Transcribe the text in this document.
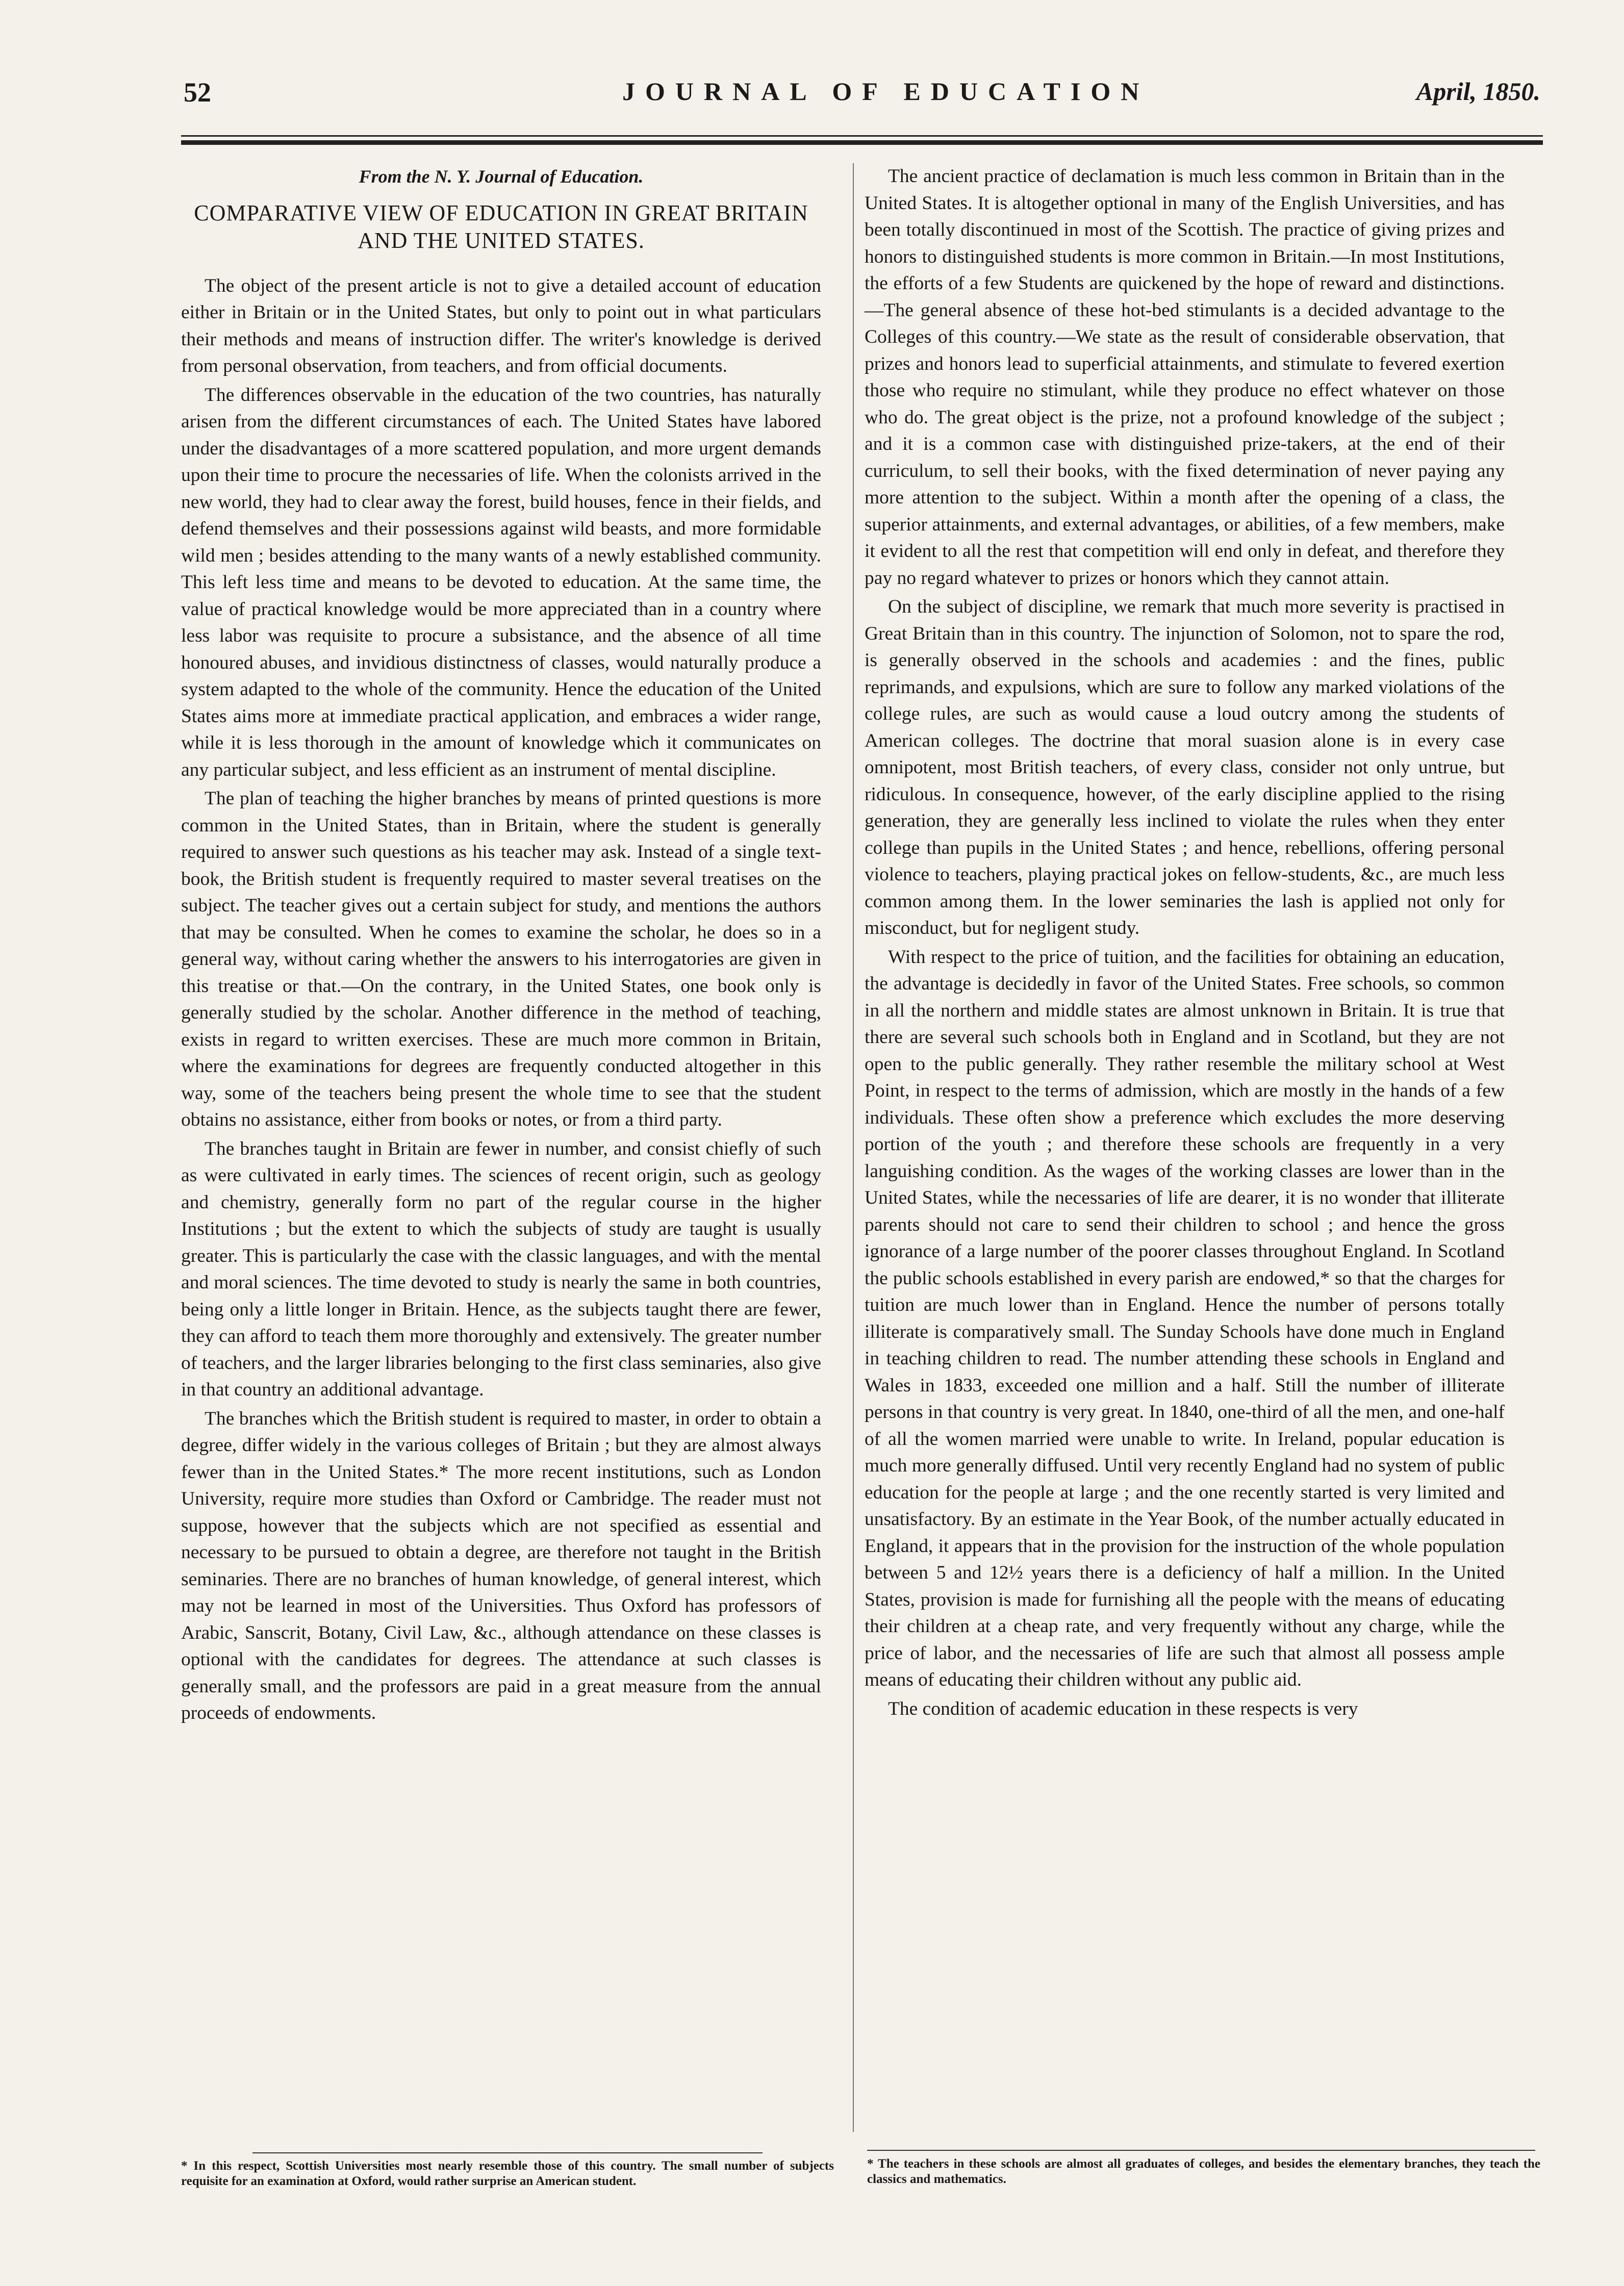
52	JOURNAL OF EDUCATION	April, 1850.

From the N. Y. Journal of Education.

COMPARATIVE VIEW OF EDUCATION IN GREAT BRITAIN AND THE UNITED STATES.

The object of the present article is not to give a detailed account of education either in Britain or in the United States, but only to point out in what particulars their methods and means of instruction differ. The writer's knowledge is derived from personal observation, from teachers, and from official documents.

The differences observable in the education of the two countries, has naturally arisen from the different circumstances of each. The United States have labored under the disadvantages of a more scattered population, and more urgent demands upon their time to procure the necessaries of life. When the colonists arrived in the new world, they had to clear away the forest, build houses, fence in their fields, and defend themselves and their possessions against wild beasts, and more formidable wild men ; besides attending to the many wants of a newly established community. This left less time and means to be devoted to education. At the same time, the value of practical knowledge would be more appreciated than in a country where less labor was requisite to procure a subsistance, and the absence of all time honoured abuses, and invidious distinctness of classes, would naturally produce a system adapted to the whole of the community. Hence the education of the United States aims more at immediate practical application, and embraces a wider range, while it is less thorough in the amount of knowledge which it communicates on any particular subject, and less efficient as an instrument of mental discipline.

The plan of teaching the higher branches by means of printed questions is more common in the United States, than in Britain, where the student is generally required to answer such questions as his teacher may ask. Instead of a single text-book, the British student is frequently required to master several treatises on the subject. The teacher gives out a certain subject for study, and mentions the authors that may be consulted. When he comes to examine the scholar, he does so in a general way, without caring whether the answers to his interrogatories are given in this treatise or that.—On the contrary, in the United States, one book only is generally studied by the scholar. Another difference in the method of teaching, exists in regard to written exercises. These are much more common in Britain, where the examinations for degrees are frequently conducted altogether in this way, some of the teachers being present the whole time to see that the student obtains no assistance, either from books or notes, or from a third party.

The branches taught in Britain are fewer in number, and consist chiefly of such as were cultivated in early times. The sciences of recent origin, such as geology and chemistry, generally form no part of the regular course in the higher Institutions ; but the extent to which the subjects of study are taught is usually greater. This is particularly the case with the classic languages, and with the mental and moral sciences. The time devoted to study is nearly the same in both countries, being only a little longer in Britain. Hence, as the subjects taught there are fewer, they can afford to teach them more thoroughly and extensively. The greater number of teachers, and the larger libraries belonging to the first class seminaries, also give in that country an additional advantage.

The branches which the British student is required to master, in order to obtain a degree, differ widely in the various colleges of Britain ; but they are almost always fewer than in the United States.* The more recent institutions, such as London University, require more studies than Oxford or Cambridge. The reader must not suppose, however that the subjects which are not specified as essential and necessary to be pursued to obtain a degree, are therefore not taught in the British seminaries. There are no branches of human knowledge, of general interest, which may not be learned in most of the Universities. Thus Oxford has professors of Arabic, Sanscrit, Botany, Civil Law, &c., although attendance on these classes is optional with the candidates for degrees. The attendance at such classes is generally small, and the professors are paid in a great measure from the annual proceeds of endowments.

The ancient practice of declamation is much less common in Britain than in the United States. It is altogether optional in many of the English Universities, and has been totally discontinued in most of the Scottish. The practice of giving prizes and honors to distinguished students is more common in Britain.—In most Institutions, the efforts of a few Students are quickened by the hope of reward and distinctions.—The general absence of these hot-bed stimulants is a decided advantage to the Colleges of this country.—We state as the result of considerable observation, that prizes and honors lead to superficial attainments, and stimulate to fevered exertion those who require no stimulant, while they produce no effect whatever on those who do. The great object is the prize, not a profound knowledge of the subject ; and it is a common case with distinguished prize-takers, at the end of their curriculum, to sell their books, with the fixed determination of never paying any more attention to the subject. Within a month after the opening of a class, the superior attainments, and external advantages, or abilities, of a few members, make it evident to all the rest that competition will end only in defeat, and therefore they pay no regard whatever to prizes or honors which they cannot attain.

On the subject of discipline, we remark that much more severity is practised in Great Britain than in this country. The injunction of Solomon, not to spare the rod, is generally observed in the schools and academies : and the fines, public reprimands, and expulsions, which are sure to follow any marked violations of the college rules, are such as would cause a loud outcry among the students of American colleges. The doctrine that moral suasion alone is in every case omnipotent, most British teachers, of every class, consider not only untrue, but ridiculous. In consequence, however, of the early discipline applied to the rising generation, they are generally less inclined to violate the rules when they enter college than pupils in the United States ; and hence, rebellions, offering personal violence to teachers, playing practical jokes on fellow-students, &c., are much less common among them. In the lower seminaries the lash is applied not only for misconduct, but for negligent study.

With respect to the price of tuition, and the facilities for obtaining an education, the advantage is decidedly in favor of the United States. Free schools, so common in all the northern and middle states are almost unknown in Britain. It is true that there are several such schools both in England and in Scotland, but they are not open to the public generally. They rather resemble the military school at West Point, in respect to the terms of admission, which are mostly in the hands of a few individuals. These often show a preference which excludes the more deserving portion of the youth ; and therefore these schools are frequently in a very languishing condition. As the wages of the working classes are lower than in the United States, while the necessaries of life are dearer, it is no wonder that illiterate parents should not care to send their children to school ; and hence the gross ignorance of a large number of the poorer classes throughout England. In Scotland the public schools established in every parish are endowed,* so that the charges for tuition are much lower than in England. Hence the number of persons totally illiterate is comparatively small. The Sunday Schools have done much in England in teaching children to read. The number attending these schools in England and Wales in 1833, exceeded one million and a half. Still the number of illiterate persons in that country is very great. In 1840, one-third of all the men, and one-half of all the women married were unable to write. In Ireland, popular education is much more generally diffused. Until very recently England had no system of public education for the people at large ; and the one recently started is very limited and unsatisfactory. By an estimate in the Year Book, of the number actually educated in England, it appears that in the provision for the instruction of the whole population between 5 and 12½ years there is a deficiency of half a million. In the United States, provision is made for furnishing all the people with the means of educating their children at a cheap rate, and very frequently without any charge, while the price of labor, and the necessaries of life are such that almost all possess ample means of educating their children without any public aid.

The condition of academic education in these respects is very

* In this respect, Scottish Universities most nearly resemble those of this country. The small number of subjects requisite for an examination at Oxford, would rather surprise an American student.
* The teachers in these schools are almost all graduates of colleges, and besides the elementary branches, they teach the classics and mathematics.
